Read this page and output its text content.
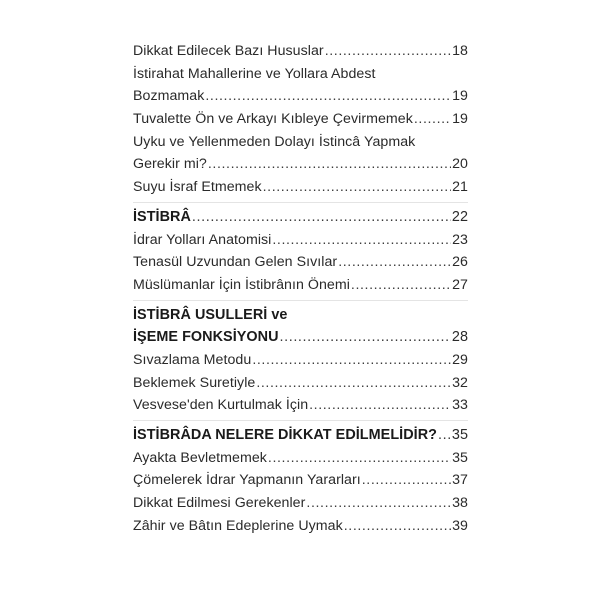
Dikkat Edilecek Bazı Hususlar .....	18
İstirahat Mahallerine ve Yollara Abdest
Bozmamak .....	19
Tuvalette Ön ve Arkayı Kıbleye Çevirmemek .....	19
Uyku ve Yellenmeden Dolayı İstincâ Yapmak
Gerekir mi? .....	20
Suyu İsraf Etmemek .....	21
İSTİBRÂ .....	22
İdrar Yolları Anatomisi .....	23
Tenasül Uzvundan Gelen Sıvılar .....	26
Müslümanlar İçin İstibrânın Önemi .....	27
İSTİBRÂ USULLERİ ve
İŞEME FONKSİYONU .....	28
Sıvazlama Metodu .....	29
Beklemek Suretiyle .....	32
Vesvese'den Kurtulmak İçin .....	33
İSTİBRÂDA NELERE DİKKAT EDİLMELİDİR? ..... 35
Ayakta Bevletmemek .....	35
Çömelerek İdrar Yapmanın Yararları .....	37
Dikkat Edilmesi Gerekenler .....	38
Zâhir ve Bâtın Edeplerine Uymak .....	39
